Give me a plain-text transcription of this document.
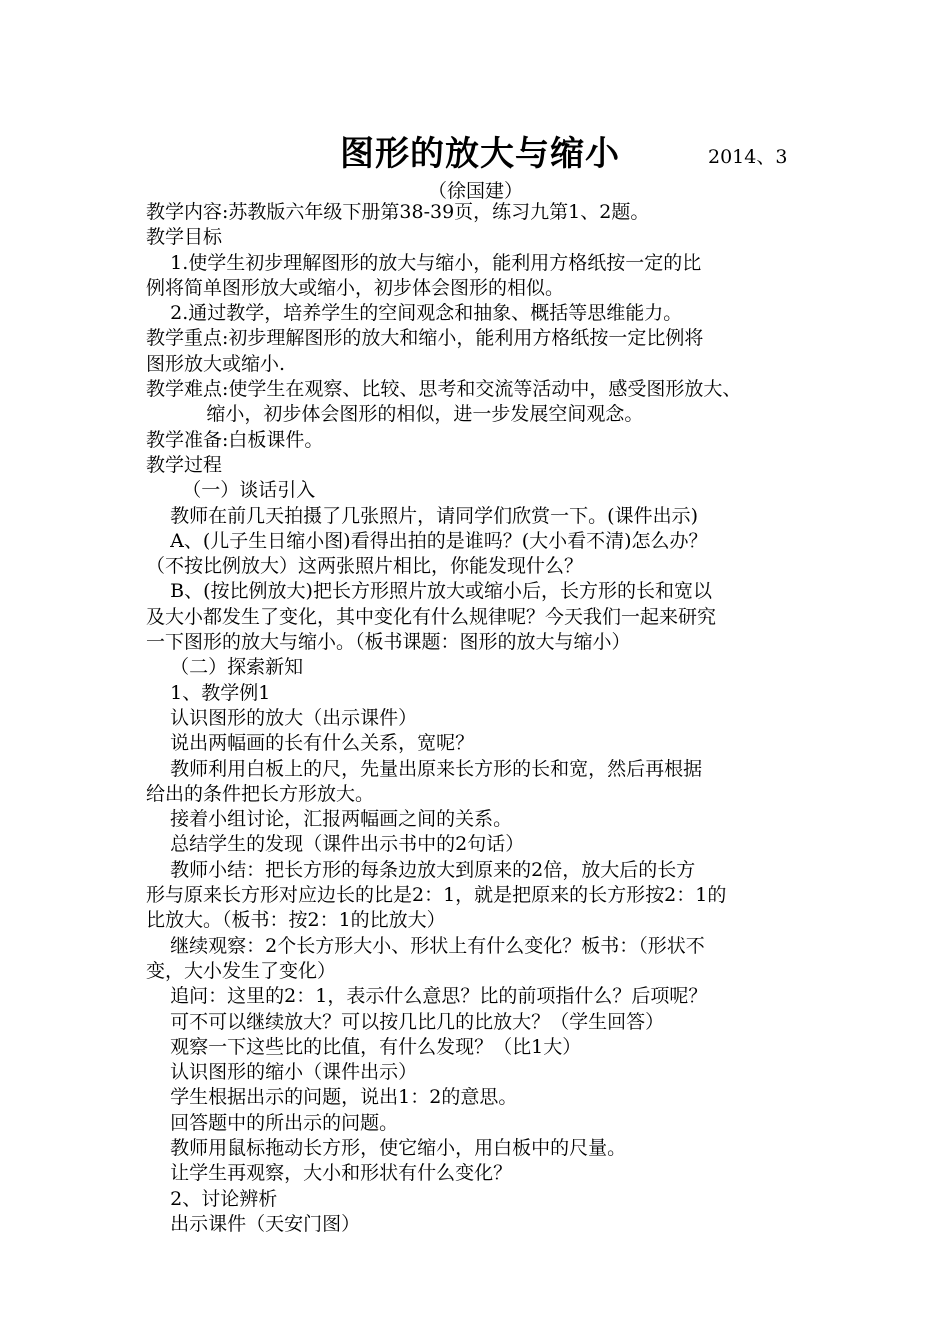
图形的放大与缩小	2014、3
（徐国建）
教学内容:苏教版六年级下册第38-39页，练习九第1、2题。
教学目标
1.使学生初步理解图形的放大与缩小，能利用方格纸按一定的比
例将简单图形放大或缩小，初步体会图形的相似。
2.通过教学，培养学生的空间观念和抽象、概括等思维能力。
教学重点:初步理解图形的放大和缩小，能利用方格纸按一定比例将
图形放大或缩小.
教学难点:使学生在观察、比较、思考和交流等活动中，感受图形放大、
缩小，初步体会图形的相似，进一步发展空间观念。
教学准备:白板课件。
教学过程
（一）谈话引入
教师在前几天拍摄了几张照片，请同学们欣赏一下。(课件出示)
A、(儿子生日缩小图)看得出拍的是谁吗？(大小看不清)怎么办？
（不按比例放大）这两张照片相比，你能发现什么？
B、(按比例放大)把长方形照片放大或缩小后，长方形的长和宽以
及大小都发生了变化，其中变化有什么规律呢？今天我们一起来研究
一下图形的放大与缩小。（板书课题：图形的放大与缩小）
（二）探索新知
1、教学例1
认识图形的放大（出示课件）
说出两幅画的长有什么关系，宽呢？
教师利用白板上的尺，先量出原来长方形的长和宽，然后再根据
给出的条件把长方形放大。
接着小组讨论，汇报两幅画之间的关系。
总结学生的发现（课件出示书中的2句话）
教师小结：把长方形的每条边放大到原来的2倍，放大后的长方
形与原来长方形对应边长的比是2：1，就是把原来的长方形按2：1的
比放大。（板书：按2：1的比放大）
继续观察：2个长方形大小、形状上有什么变化？板书：（形状不
变，大小发生了变化）
追问：这里的2：1，表示什么意思？比的前项指什么？后项呢？
可不可以继续放大？可以按几比几的比放大？（学生回答）
观察一下这些比的比值，有什么发现？（比1大）
认识图形的缩小（课件出示）
学生根据出示的问题，说出1：2的意思。
回答题中的所出示的问题。
教师用鼠标拖动长方形，使它缩小，用白板中的尺量。
让学生再观察，大小和形状有什么变化？
2、讨论辨析
出示课件（天安门图）
